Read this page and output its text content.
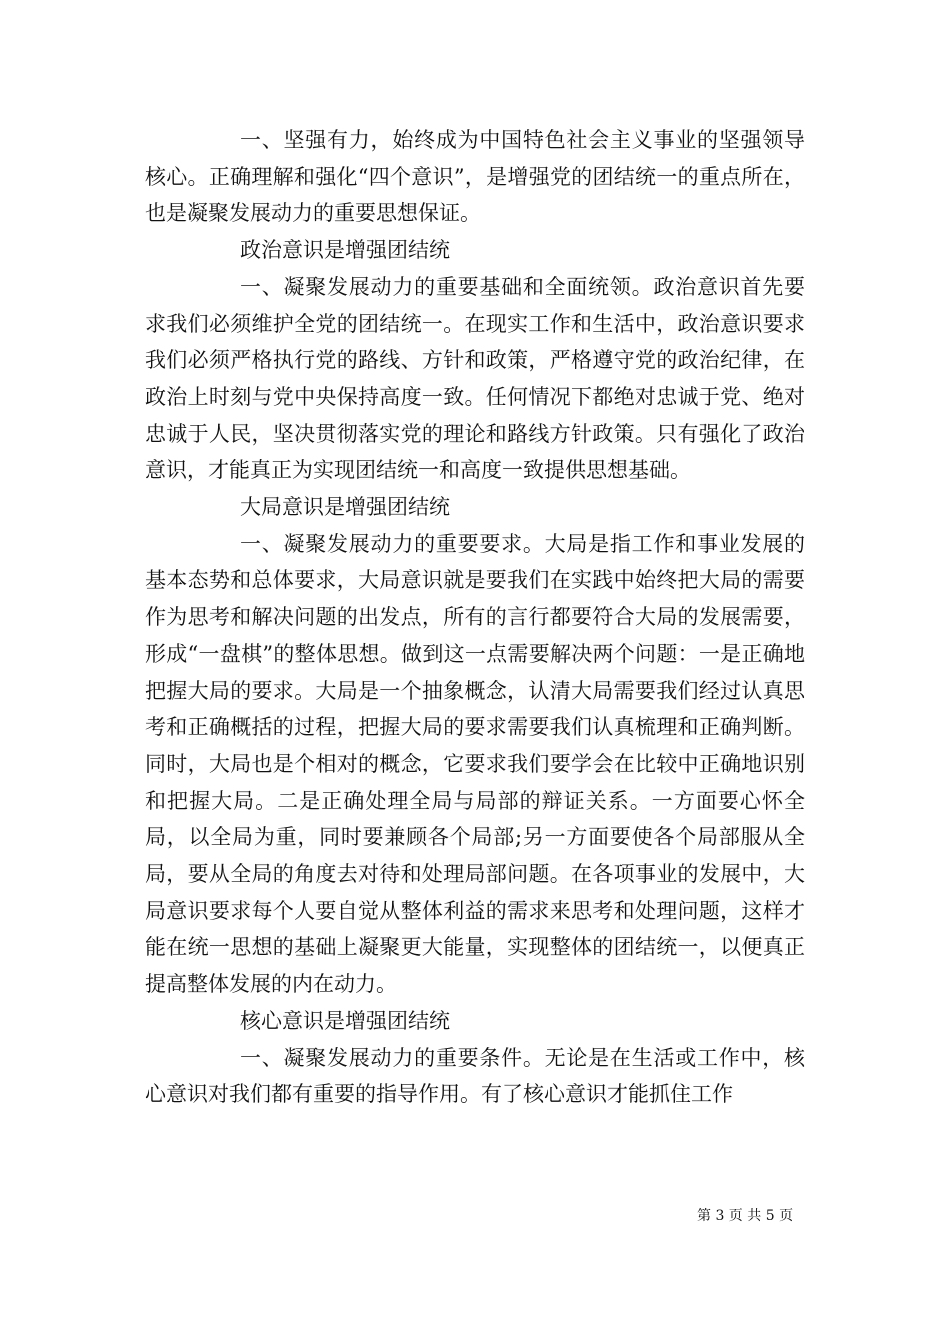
一、坚强有力，始终成为中国特色社会主义事业的坚强领导核心。正确理解和强化“四个意识”，是增强党的团结统一的重点所在，也是凝聚发展动力的重要思想保证。

政治意识是增强团结统

一、凝聚发展动力的重要基础和全面统领。政治意识首先要求我们必须维护全党的团结统一。在现实工作和生活中，政治意识要求我们必须严格执行党的路线、方针和政策，严格遵守党的政治纪律，在政治上时刻与党中央保持高度一致。任何情况下都绝对忠诚于党、绝对忠诚于人民，坚决贯彻落实党的理论和路线方针政策。只有强化了政治意识，才能真正为实现团结统一和高度一致提供思想基础。

大局意识是增强团结统

一、凝聚发展动力的重要要求。大局是指工作和事业发展的基本态势和总体要求，大局意识就是要我们在实践中始终把大局的需要作为思考和解决问题的出发点，所有的言行都要符合大局的发展需要，形成“一盘棋”的整体思想。做到这一点需要解决两个问题：一是正确地把握大局的要求。大局是一个抽象概念，认清大局需要我们经过认真思考和正确概括的过程，把握大局的要求需要我们认真梳理和正确判断。同时，大局也是个相对的概念，它要求我们要学会在比较中正确地识别和把握大局。二是正确处理全局与局部的辩证关系。一方面要心怀全局，以全局为重，同时要兼顾各个局部;另一方面要使各个局部服从全局，要从全局的角度去对待和处理局部问题。在各项事业的发展中，大局意识要求每个人要自觉从整体利益的需求来思考和处理问题，这样才能在统一思想的基础上凝聚更大能量，实现整体的团结统一，以便真正提高整体发展的内在动力。

核心意识是增强团结统

一、凝聚发展动力的重要条件。无论是在生活或工作中，核心意识对我们都有重要的指导作用。有了核心意识才能抓住工作

第 3 页 共 5 页
